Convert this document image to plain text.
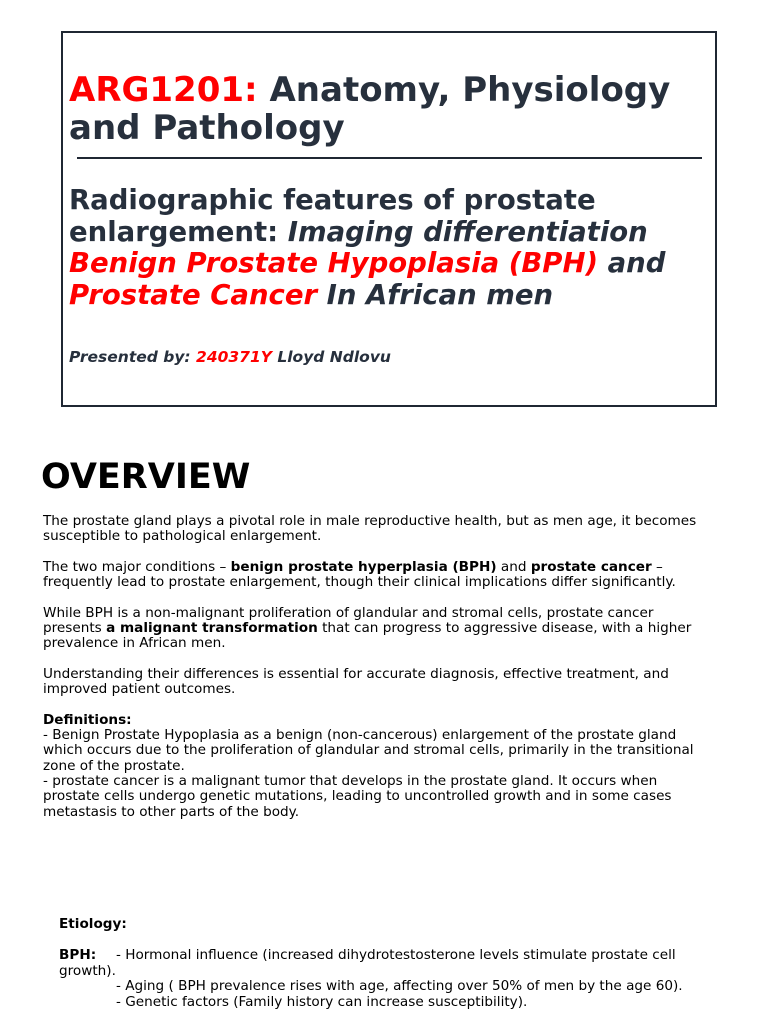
ARG1201: Anatomy, Physiology and Pathology
Radiographic features of prostate enlargement: Imaging differentiation Benign Prostate Hypoplasia (BPH) and Prostate Cancer In African men

Presented by: 240371Y Lloyd Ndlovu

OVERVIEW

The prostate gland plays a pivotal role in male reproductive health, but as men age, it becomes susceptible to pathological enlargement.

The two major conditions – benign prostate hyperplasia (BPH) and prostate cancer – frequently lead to prostate enlargement, though their clinical implications differ significantly.

While BPH is a non-malignant proliferation of glandular and stromal cells, prostate cancer presents a malignant transformation that can progress to aggressive disease, with a higher prevalence in African men.

Understanding their differences is essential for accurate diagnosis, effective treatment, and improved patient outcomes.

Definitions:
- Benign Prostate Hypoplasia as a benign (non-cancerous) enlargement of the prostate gland which occurs due to the proliferation of glandular and stromal cells, primarily in the transitional zone of the prostate.
- prostate cancer is a malignant tumor that develops in the prostate gland. It occurs when prostate cells undergo genetic mutations, leading to uncontrolled growth and in some cases metastasis to other parts of the body.

Etiology:

BPH: - Hormonal influence (increased dihydrotestosterone levels stimulate prostate cell growth).
- Aging ( BPH prevalence rises with age, affecting over 50% of men by the age 60).
- Genetic factors (Family history can increase susceptibility).
